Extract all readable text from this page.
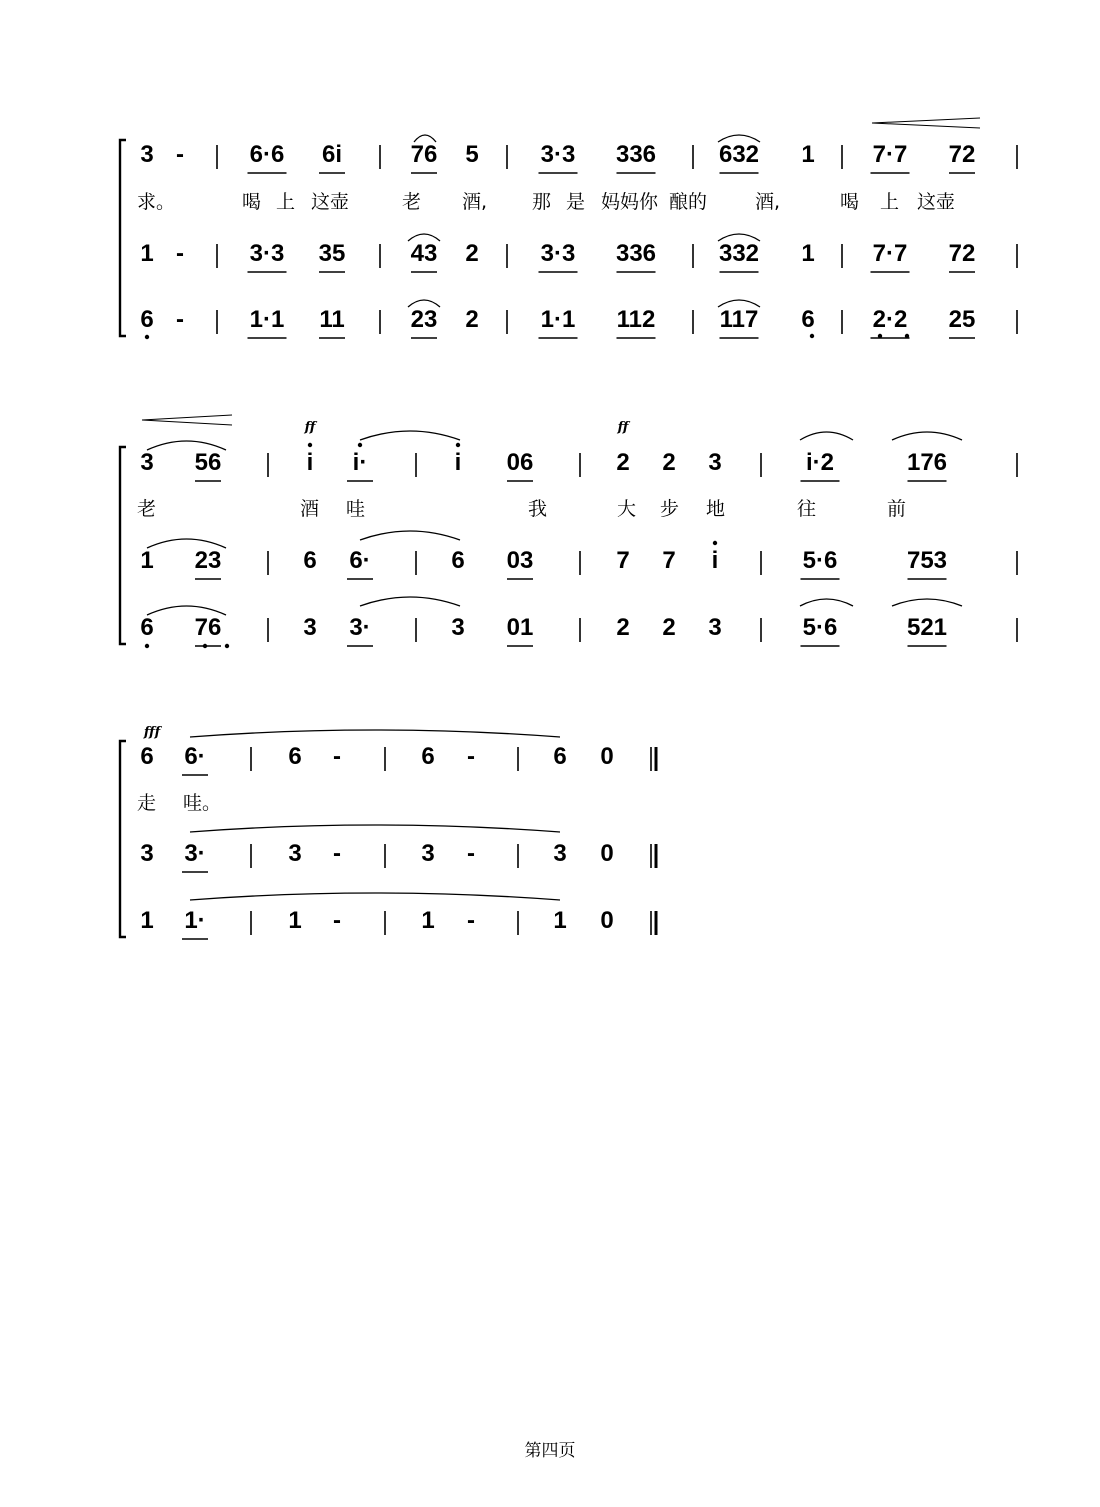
3 -	6·6 6i	76 5	3·3 336	632 1 7·7 72
1 -	3·3 35	43 2	3·3 336	332 1 7·7 72
6 -	1·1 11	23 2	1·1 112	117 6 2·2 25
求。	喝 上 这壶	老 酒, 那 是 妈妈你 酿的	酒,	喝 上 这壶
3 56	i i·	i 06	2 2 3	i·2	176
1 23	6 6·	6 03	7 7 i	5·6	753
6 76	3 3·	3 01	2 2 3	5·6	521
老	酒 哇	我	大 步 地	往	前
ff	ff
6 6·	6 -	6 -	6 0
3 3·	3 -	3 -	3 0
1 1·	1 -	1 -	1 0
走 哇。
fff
第四页
